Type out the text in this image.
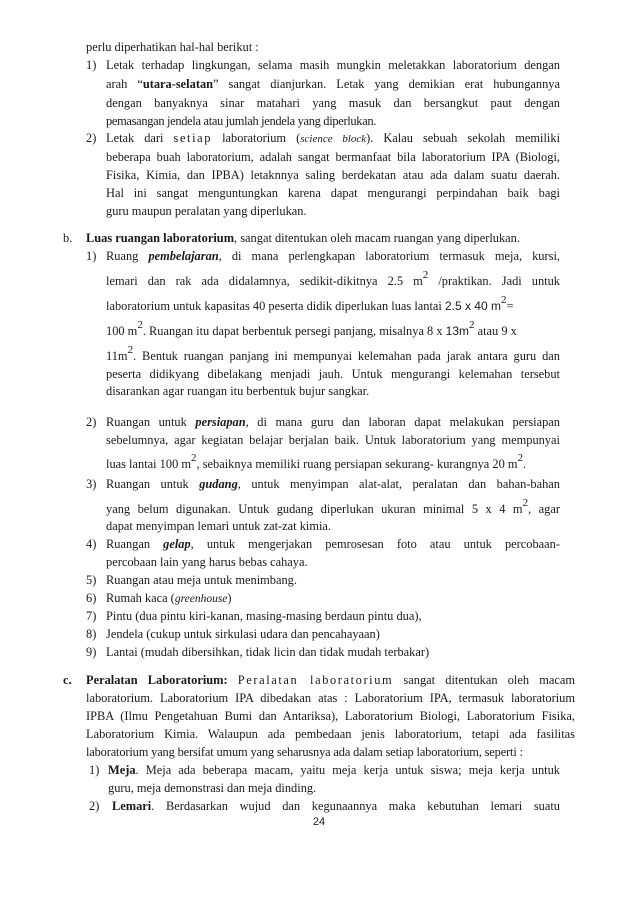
perlu diperhatikan hal-hal berikut :
1) Letak terhadap lingkungan, selama masih mungkin meletakkan laboratorium dengan
arah “utara-selatan” sangat dianjurkan. Letak yang demikian erat hubungannya
dengan banyaknya sinar matahari yang masuk dan bersangkut paut dengan
pemasangan jendela atau jumlah jendela yang diperlukan.
2) Letak dari setiap laboratorium (science block). Kalau sebuah sekolah memiliki
beberapa buah laboratorium, adalah sangat bermanfaat bila laboratorium IPA (Biologi,
Fisika, Kimia, dan IPBA) letaknnya saling berdekatan atau ada dalam suatu daerah.
Hal ini sangat menguntungkan karena dapat mengurangi perpindahan baik bagi
guru maupun peralatan yang diperlukan.
b. Luas ruangan laboratorium, sangat ditentukan oleh macam ruangan yang diperlukan.
1) Ruang pembelajaran, di mana perlengkapan laboratorium termasuk meja, kursi,
lemari dan rak ada didalamnya, sedikit-dikitnya 2.5 $m^2$ /praktikan. Jadi untuk
laboratorium untuk kapasitas 40 peserta didik diperlukan luas lantai 2.5 x 40 $m^2=$
100 $m^2$. Ruangan itu dapat berbentuk persegi panjang, misalnya 8 x $13m^2$ atau 9 x
$11m^2$. Bentuk ruangan panjang ini mempunyai kelemahan pada jarak antara guru dan
peserta didikyang dibelakang menjadi jauh. Untuk mengurangi kelemahan tersebut
disarankan agar ruangan itu berbentuk bujur sangkar.
2) Ruangan untuk persiapan, di mana guru dan laboran dapat melakukan persiapan
sebelumnya, agar kegiatan belajar berjalan baik. Untuk laboratorium yang mempunyai
luas lantai 100 $m^2$, sebaiknya memiliki ruang persiapan sekurang- kurangnya 20 $m^2$.
3) Ruangan untuk gudang, untuk menyimpan alat-alat, peralatan dan bahan-bahan
yang belum digunakan. Untuk gudang diperlukan ukuran minimal 5 x 4 $m^2$, agar
dapat menyimpan lemari untuk zat-zat kimia.
4) Ruangan gelap, untuk mengerjakan pemrosesan foto atau untuk percobaan-
percobaan lain yang harus bebas cahaya.
5) Ruangan atau meja untuk menimbang.
6) Rumah kaca (greenhouse)
7) Pintu (dua pintu kiri-kanan, masing-masing berdaun pintu dua),
8) Jendela (cukup untuk sirkulasi udara dan pencahayaan)
9) Lantai (mudah dibersihkan, tidak licin dan tidak mudah terbakar)
c. Peralatan Laboratorium: Peralatan laboratorium sangat ditentukan oleh macam
laboratorium. Laboratorium IPA dibedakan atas : Laboratorium IPA, termasuk laboratorium
IPBA (Ilmu Pengetahuan Bumi dan Antariksa), Laboratorium Biologi, Laboratorium Fisika,
Laboratorium Kimia. Walaupun ada pembedaan jenis laboratorium, tetapi ada fasilitas
laboratorium yang bersifat umum yang seharusnya ada dalam setiap laboratorium, seperti :
1) Meja. Meja ada beberapa macam, yaitu meja kerja untuk siswa; meja kerja untuk
guru, meja demonstrasi dan meja dinding.
2) Lemari. Berdasarkan wujud dan kegunaannya maka kebutuhan lemari suatu
24
